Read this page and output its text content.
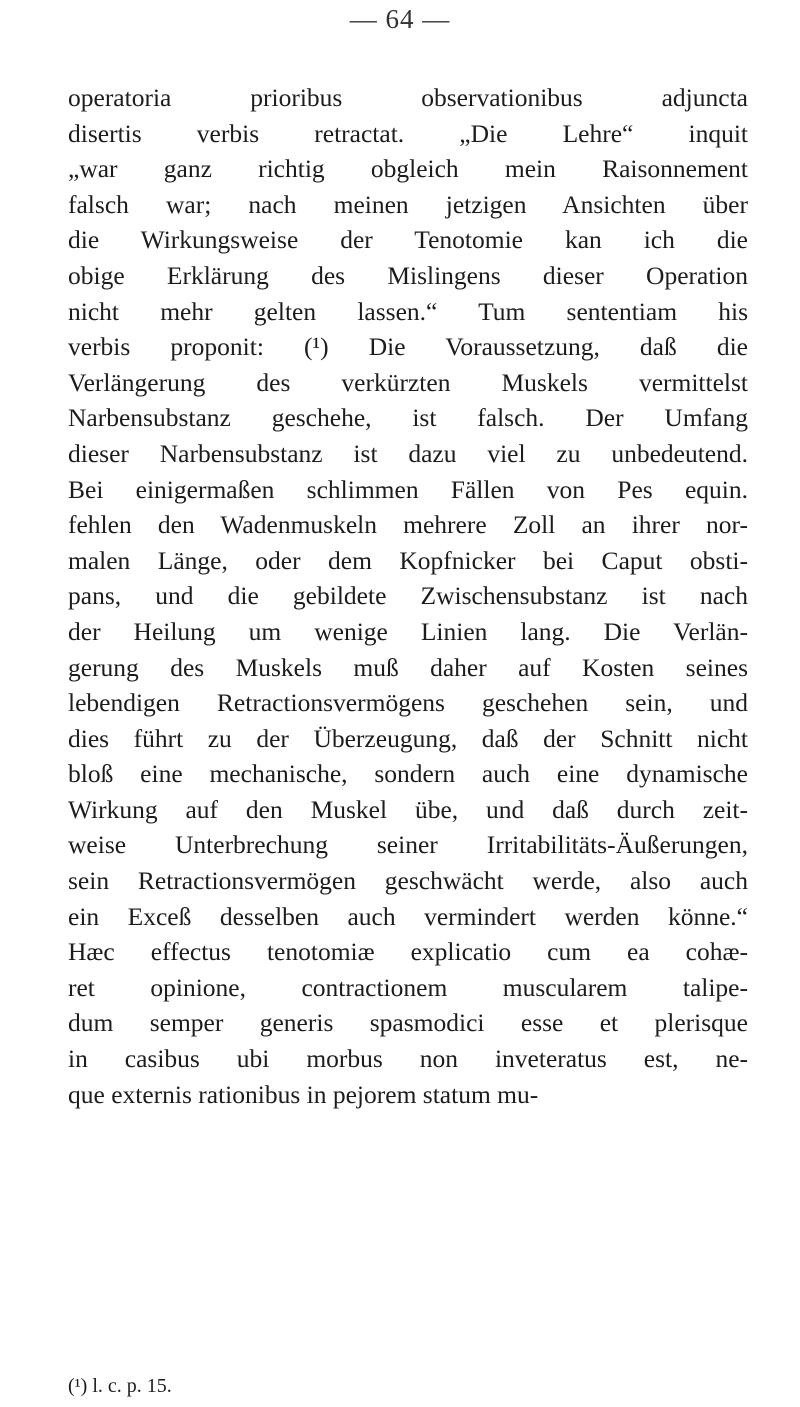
— 64 —
operatoria prioribus observationibus adjuncta
disertis verbis retractat. „Die Lehre“ inquit
„war ganz richtig obgleich mein Raisonnement
falsch war; nach meinen jetzigen Ansichten über
die Wirkungsweise der Tenotomie kan ich die
obige Erklärung des Mislingens dieser Operation
nicht mehr gelten lassen.“ Tum sententiam his
verbis proponit: (¹) Die Voraussetzung, daß die
Verlängerung des verkürzten Muskels vermittelst
Narbensubstanz geschehe, ist falsch. Der Umfang
dieser Narbensubstanz ist dazu viel zu unbedeutend.
Bei einigermaßen schlimmen Fällen von Pes equin.
fehlen den Wadenmuskeln mehrere Zoll an ihrer nor-
malen Länge, oder dem Kopfnicker bei Caput obsti-
pans, und die gebildete Zwischensubstanz ist nach
der Heilung um wenige Linien lang. Die Verlän-
gerung des Muskels muß daher auf Kosten seines
lebendigen Retractionsvermögens geschehen sein, und
dies führt zu der Überzeugung, daß der Schnitt nicht
bloß eine mechanische, sondern auch eine dynamische
Wirkung auf den Muskel übe, und daß durch zeit-
weise Unterbrechung seiner Irritabilitäts-Äußerungen,
sein Retractionsvermögen geschwächt werde, also auch
ein Exceß desselben auch vermindert werden könne.“
Hæc effectus tenotomiæ explicatio cum ea cohæ-
ret opinione, contractionem muscularem talipe-
dum semper generis spasmodici esse et plerisque
in casibus ubi morbus non inveteratus est, ne-
que externis rationibus in pejorem statum mu-
(¹) l. c. p. 15.
